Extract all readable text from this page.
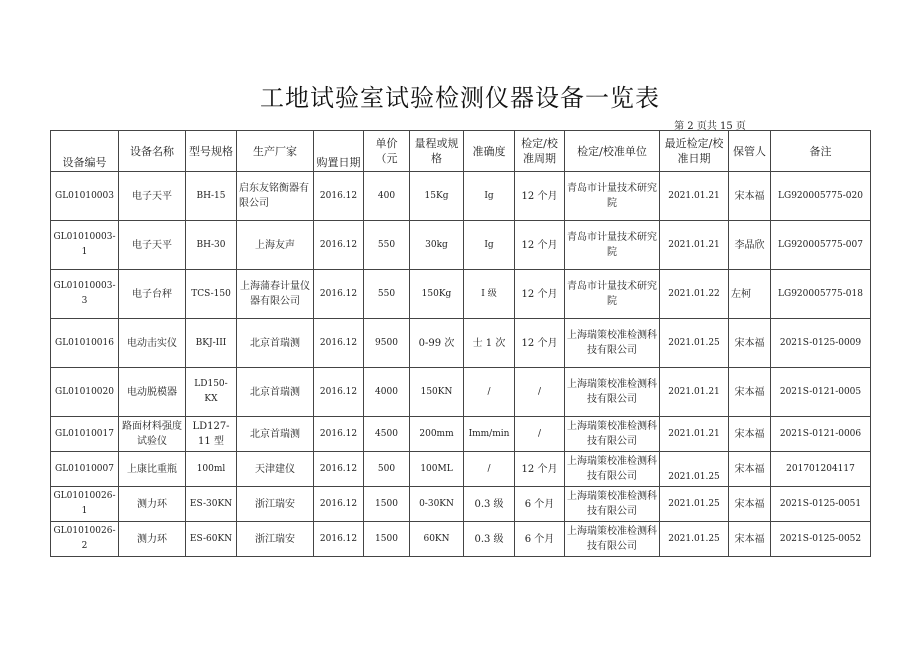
工地试验室试验检测仪器设备一览表
第 2 页共 15 页
设备编号	设备名称	型号规格	生产厂家	购置日期	单价（元	量程或规格	准确度	检定/校准周期	检定/校准单位	最近检定/校准日期	保管人	备注
GL01010003	电子天平	BH-15	启东友铭衡器有限公司	2016.12	400	15Kg	Ig	12 个月	青岛市计量技术研究院	2021.01.21	宋本福	LG920005775-020
GL01010003-1	电子天平	BH-30	上海友声	2016.12	550	30kg	Ig	12 个月	青岛市计量技术研究院	2021.01.21	李晶欣	LG920005775-007
GL01010003-3	电子台秤	TCS-150	上海蒲春计量仪器有限公司	2016.12	550	150Kg	I 级	12 个月	青岛市计量技术研究院	2021.01.22	左柯	LG920005775-018
GL01010016	电动击实仪	BKJ-III	北京首瑞测	2016.12	9500	0-99 次	士 1 次	12 个月	上海瑞策校准检测科技有限公司	2021.01.25	宋本福	2021S-0125-0009
GL01010020	电动脱模器	LD150-KX	北京首瑞测	2016.12	4000	150KN	/	/	上海瑞策校准检测科技有限公司	2021.01.21	宋本福	2021S-0121-0005
GL01010017	路面材料强度试验仪	LD127-11 型	北京首瑞测	2016.12	4500	200mm	Imm/min	/	上海瑞策校准检测科技有限公司	2021.01.21	宋本福	2021S-0121-0006
GL01010007	上康比重瓶	100ml	天津建仪	2016.12	500	100ML	/	12 个月	上海瑞策校准检测科技有限公司	2021.01.25	宋本福	201701204117
GL01010026-1	测力环	ES-30KN	浙江瑞安	2016.12	1500	0-30KN	0.3 级	6 个月	上海瑞策校准检测科技有限公司	2021.01.25	宋本福	2021S-0125-0051
GL01010026-2	测力环	ES-60KN	浙江瑞安	2016.12	1500	60KN	0.3 级	6 个月	上海瑞策校准检测科技有限公司	2021.01.25	宋本福	2021S-0125-0052
